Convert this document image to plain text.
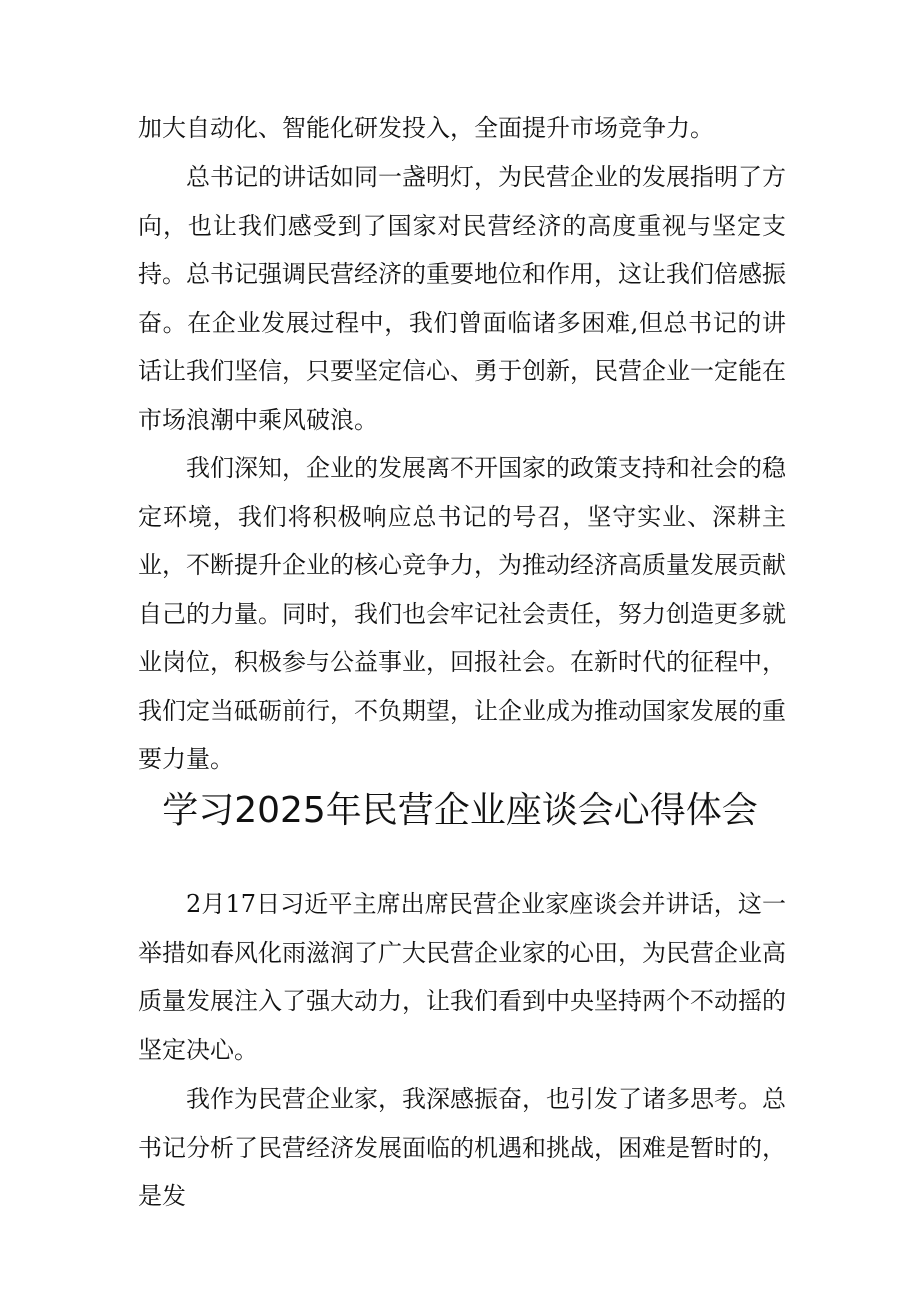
加大自动化、智能化研发投入，全面提升市场竞争力。

总书记的讲话如同一盏明灯，为民营企业的发展指明了方向，也让我们感受到了国家对民营经济的高度重视与坚定支持。总书记强调民营经济的重要地位和作用，这让我们倍感振奋。在企业发展过程中，我们曾面临诸多困难,但总书记的讲话让我们坚信，只要坚定信心、勇于创新，民营企业一定能在市场浪潮中乘风破浪。

我们深知，企业的发展离不开国家的政策支持和社会的稳定环境，我们将积极响应总书记的号召，坚守实业、深耕主业，不断提升企业的核心竞争力，为推动经济高质量发展贡献自己的力量。同时，我们也会牢记社会责任，努力创造更多就业岗位，积极参与公益事业，回报社会。在新时代的征程中，我们定当砥砺前行，不负期望，让企业成为推动国家发展的重要力量。

学习2025年民营企业座谈会心得体会

2月17日习近平主席出席民营企业家座谈会并讲话，这一举措如春风化雨滋润了广大民营企业家的心田，为民营企业高质量发展注入了强大动力，让我们看到中央坚持两个不动摇的坚定决心。

我作为民营企业家，我深感振奋，也引发了诸多思考。总书记分析了民营经济发展面临的机遇和挑战，困难是暂时的，是发
